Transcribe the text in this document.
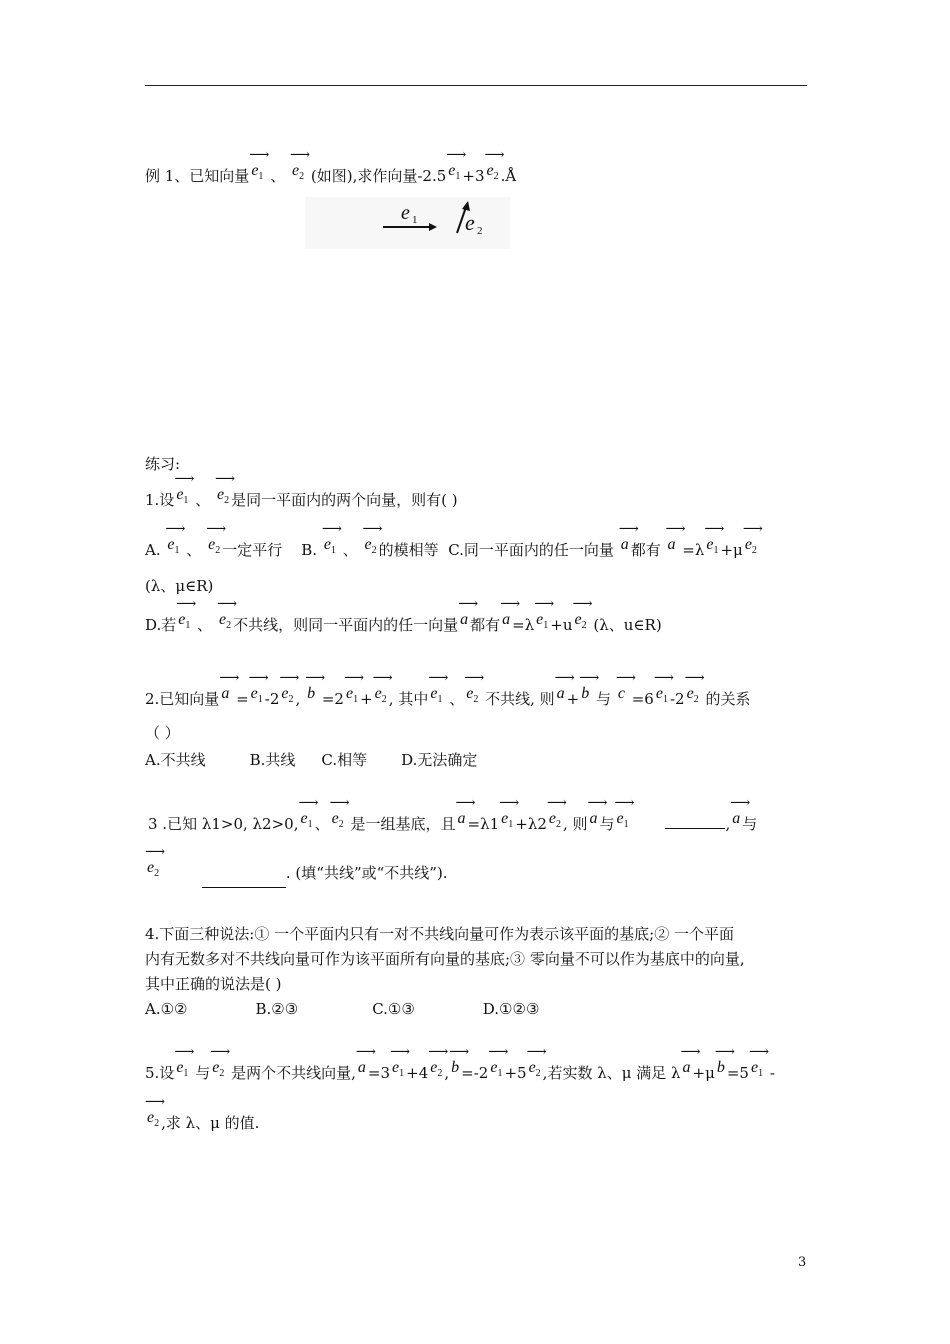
例 1、已知向量⟶ $e_1$ 、 ⟶ $e_2$ (如图),求作向量-2.5⟶ $e_1$ +3⟶ $e_2$ .Å
e 1 e 2
练习:
1.设⟶ $e_1$ 、 ⟶ $e_2$ 是同一平面内的两个向量，则有( )
A. ⟶ $e_1$ 、 ⟶ $e_2$ 一定平行 B. ⟶ $e_1$ 、 ⟶ $e_2$ 的模相等 C.同一平面内的任一向量 ⟶ a 都有 ⟶ a =λ⟶ $e_1$ +μ⟶ $e_2$
(λ、μ∈R)
D.若⟶ $e_1$ 、 ⟶ $e_2$ 不共线，则同一平面内的任一向量⟶ a 都有⟶ a =λ⟶ $e_1$ +u⟶ $e_2$ (λ、u∈R)
2.已知向量⟶ a =⟶ $e_1$ -2⟶ $e_2$ , ⟶ b =2⟶ $e_1$ +⟶ $e_2$ , 其中⟶ $e_1$ 、⟶ $e_2$ 不共线, 则⟶ a +⟶ b 与 ⟶ c =6⟶ $e_1$ -2⟶ $e_2$ 的关系
（ ）
A.不共线	B.共线 C.相等 D.无法确定
3 .已知 λ1>0, λ2>0,⟶ $e_1$ 、⟶ $e_2$ 是一组基底，且⟶ a =λ1⟶ $e_1$ +λ2⟶ $e_2$ , 则⟶ a 与⟶ $e_1$	,⟶ a 与
⟶ $e_2$	. (填“共线”或“不共线”).
4.下面三种说法:① 一个平面内只有一对不共线向量可作为表示该平面的基底;② 一个平面
内有无数多对不共线向量可作为该平面所有向量的基底;③ 零向量不可以作为基底中的向量,
其中正确的说法是( )
A.①②	B.②③	C.①③	D.①②③
5.设⟶ $e_1$ 与⟶ $e_2$ 是两个不共线向量,⟶ a =3⟶ $e_1$ +4⟶ $e_2$ ,⟶ b =-2⟶ $e_1$ +5⟶ $e_2$ ,若实数 λ、μ 满足 λ⟶ a +μ⟶ b =5⟶ $e_1$ -
⟶ $e_2$ ,求 λ、μ 的值.
3
